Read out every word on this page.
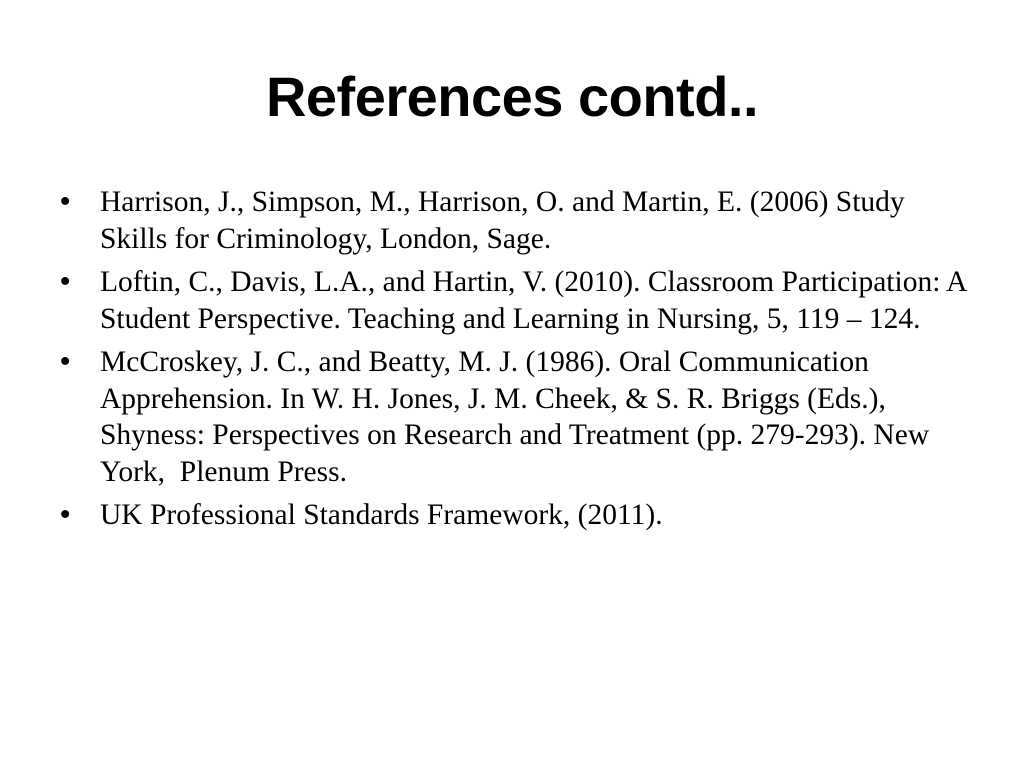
References contd..
• Harrison, J., Simpson, M., Harrison, O. and Martin, E. (2006) Study Skills for Criminology, London, Sage.
• Loftin, C., Davis, L.A., and Hartin, V. (2010). Classroom Participation: A Student Perspective. Teaching and Learning in Nursing, 5, 119 – 124.
• McCroskey, J. C., and Beatty, M. J. (1986). Oral Communication Apprehension. In W. H. Jones, J. M. Cheek, & S. R. Briggs (Eds.), Shyness: Perspectives on Research and Treatment (pp. 279-293). New York,  Plenum Press.
• UK Professional Standards Framework, (2011).
